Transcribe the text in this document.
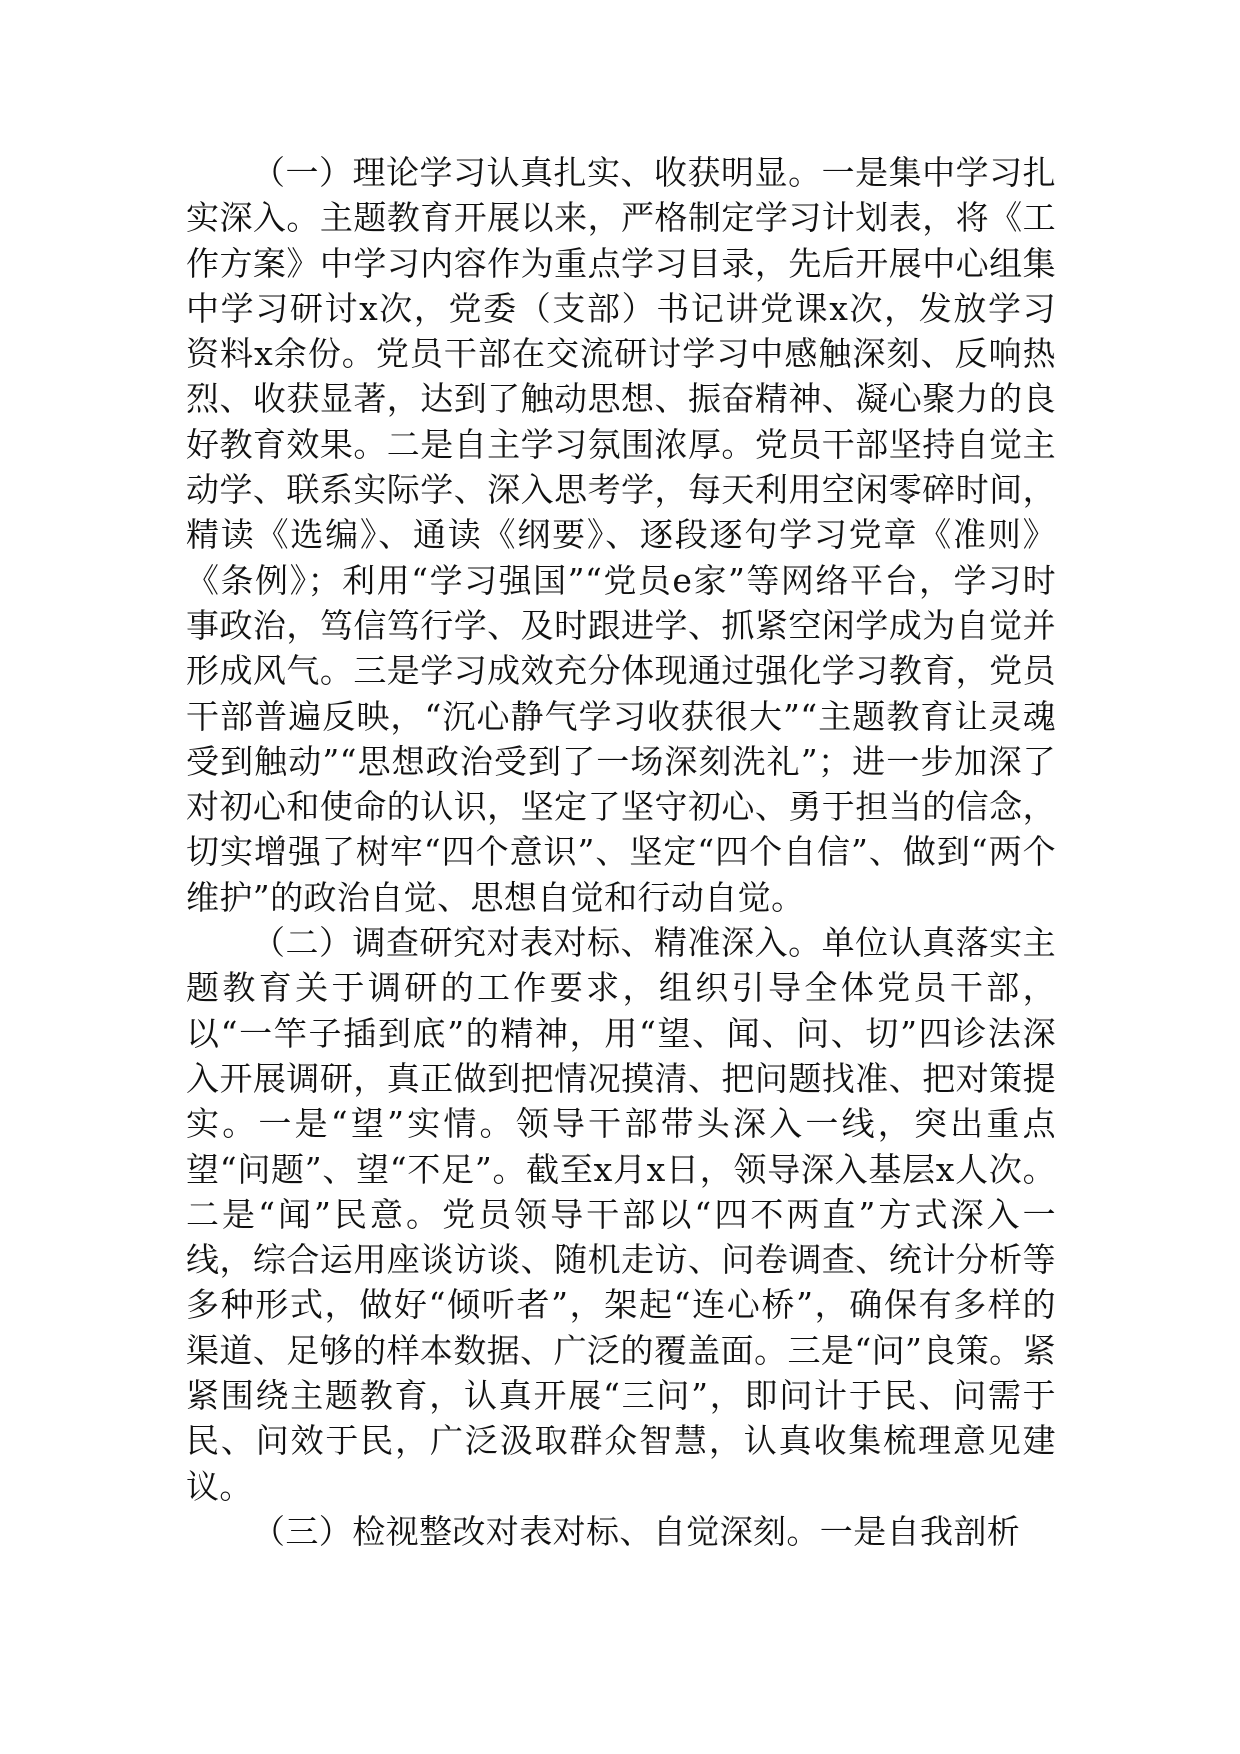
（一）理论学习认真扎实、收获明显。一是集中学习扎实深入。主题教育开展以来，严格制定学习计划表，将《工作方案》中学习内容作为重点学习目录，先后开展中心组集中学习研讨x次，党委（支部）书记讲党课x次，发放学习资料x余份。党员干部在交流研讨学习中感触深刻、反响热烈、收获显著，达到了触动思想、振奋精神、凝心聚力的良好教育效果。二是自主学习氛围浓厚。党员干部坚持自觉主动学、联系实际学、深入思考学，每天利用空闲零碎时间，精读《选编》、通读《纲要》、逐段逐句学习党章《准则》《条例》；利用“学习强国”“党员e家”等网络平台，学习时事政治，笃信笃行学、及时跟进学、抓紧空闲学成为自觉并形成风气。三是学习成效充分体现通过强化学习教育，党员干部普遍反映，“沉心静气学习收获很大”“主题教育让灵魂受到触动”“思想政治受到了一场深刻洗礼”；进一步加深了对初心和使命的认识，坚定了坚守初心、勇于担当的信念，切实增强了树牢“四个意识”、坚定“四个自信”、做到“两个维护”的政治自觉、思想自觉和行动自觉。

（二）调查研究对表对标、精准深入。单位认真落实主题教育关于调研的工作要求，组织引导全体党员干部，以“一竿子插到底”的精神，用“望、闻、问、切”四诊法深入开展调研，真正做到把情况摸清、把问题找准、把对策提实。一是“望”实情。领导干部带头深入一线，突出重点望“问题”、望“不足”。截至x月x日，领导深入基层x人次。二是“闻”民意。党员领导干部以“四不两直”方式深入一线，综合运用座谈访谈、随机走访、问卷调查、统计分析等多种形式，做好“倾听者”，架起“连心桥”，确保有多样的渠道、足够的样本数据、广泛的覆盖面。三是“问”良策。紧紧围绕主题教育，认真开展“三问”，即问计于民、问需于民、问效于民，广泛汲取群众智慧，认真收集梳理意见建议。

（三）检视整改对表对标、自觉深刻。一是自我剖析
